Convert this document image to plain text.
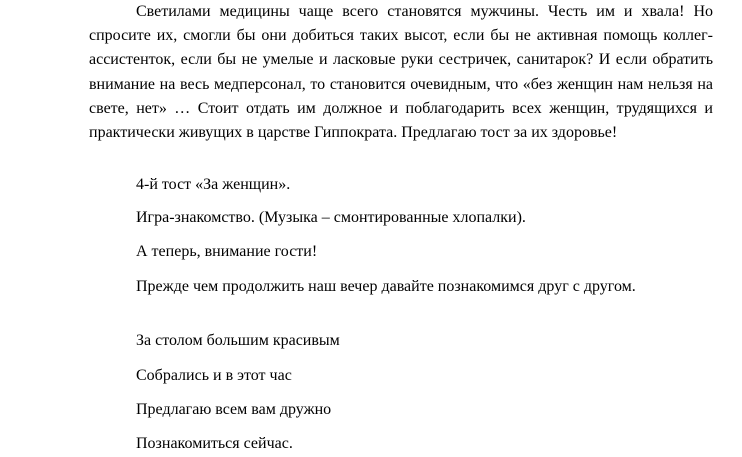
Светилами медицины чаще всего становятся мужчины. Честь им и хвала! Но спросите их, смогли бы они добиться таких высот, если бы не активная помощь коллег-ассистенток, если бы не умелые и ласковые руки сестричек, санитарок? И если обратить внимание на весь медперсонал, то становится очевидным, что «без женщин нам нельзя на свете, нет» … Стоит отдать им должное и поблагодарить всех женщин, трудящихся и практически живущих в царстве Гиппократа. Предлагаю тост за их здоровье!

4-й тост «За женщин».

Игра-знакомство. (Музыка – смонтированные хлопалки).

А теперь, внимание гости!

Прежде чем продолжить наш вечер давайте познакомимся друг с другом.

За столом большим красивым

Собрались и в этот час

Предлагаю всем вам дружно

Познакомиться сейчас.
